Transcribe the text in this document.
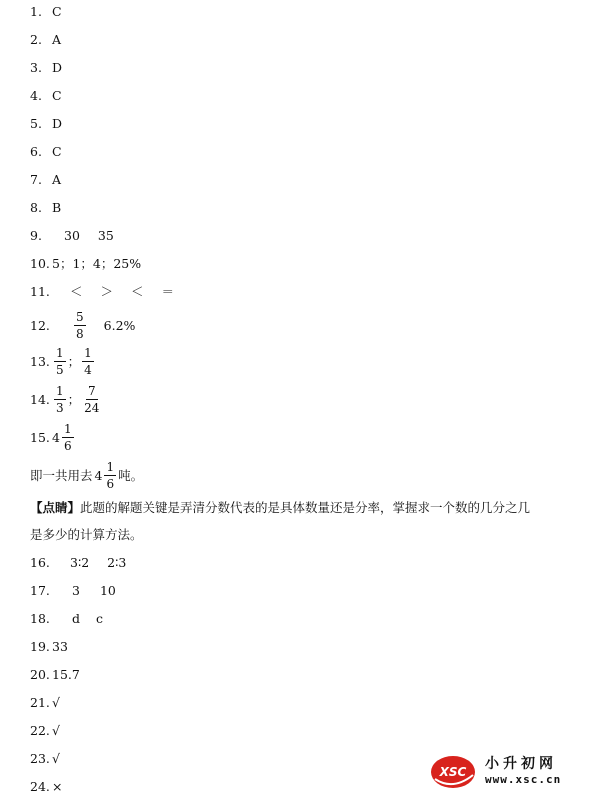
1. C
2. A
3. D
4. C
5. D
6. C
7. A
8. B
9.	30 35
10. 5；1；4；25%
11. ＜ ＞ ＜ ＝
12. $\frac{5}{8} 6.2\%$
13. $\frac{1}{5}$ ； $\frac{1}{4}$
14. $\frac{1}{3}$ ； $\frac{7}{24}$
15. $4 \frac{1}{6}$
即一共用去 $4 \frac{1}{6}$ 吨。
【点睛】此题的解题关键是弄清分数代表的是具体数量还是分率，掌握求一个数的几分之几
是多少的计算方法。
16. 3∶2 2∶3
17. 3 10
18. d c
19. 33
20. 15.7
21. √
22. √
23. √
24. ×
XSC 小升初网
www.xsc.cn
